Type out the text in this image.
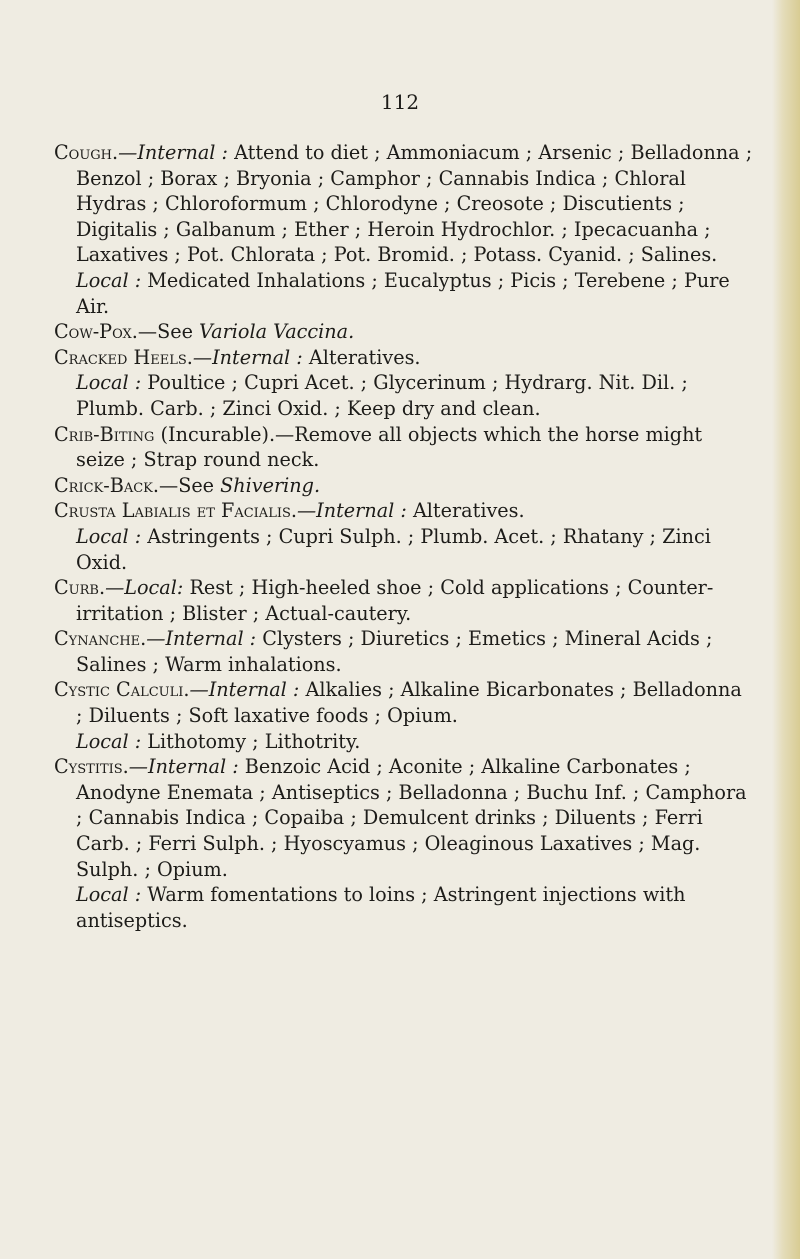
112

Cough.—Internal : Attend to diet ; Ammoniacum ; Arsenic ; Belladonna ; Benzol ; Borax ; Bryonia ; Camphor ; Cannabis Indica ; Chloral Hydras ; Chloroformum ; Chlorodyne ; Creosote ; Discutients ; Digitalis ; Galbanum ; Ether ; Heroin Hydrochlor. ; Ipecacuanha ; Laxatives ; Pot. Chlorata ; Pot. Bromid. ; Potass. Cyanid. ; Salines.

Local : Medicated Inhalations ; Eucalyptus ; Picis ; Terebene ; Pure Air.

Cow-Pox.—See Variola Vaccina.

Cracked Heels.—Internal : Alteratives.

Local : Poultice ; Cupri Acet. ; Glycerinum ; Hydrarg. Nit. Dil. ; Plumb. Carb. ; Zinci Oxid. ; Keep dry and clean.

Crib-Biting (Incurable).—Remove all objects which the horse might seize ; Strap round neck.

Crick-Back.—See Shivering.

Crusta Labialis et Facialis.—Internal : Alteratives.

Local : Astringents ; Cupri Sulph. ; Plumb. Acet. ; Rhatany ; Zinci Oxid.

Curb.—Local: Rest ; High-heeled shoe ; Cold applications ; Counter-irritation ; Blister ; Actual-cautery.

Cynanche.—Internal : Clysters ; Diuretics ; Emetics ; Mineral Acids ; Salines ; Warm inhalations.

Cystic Calculi.—Internal : Alkalies ; Alkaline Bicarbonates ; Belladonna ; Diluents ; Soft laxative foods ; Opium.

Local : Lithotomy ; Lithotrity.

Cystitis.—Internal : Benzoic Acid ; Aconite ; Alkaline Carbonates ; Anodyne Enemata ; Antiseptics ; Belladonna ; Buchu Inf. ; Camphora ; Cannabis Indica ; Copaiba ; Demulcent drinks ; Diluents ; Ferri Carb. ; Ferri Sulph. ; Hyoscyamus ; Oleaginous Laxatives ; Mag. Sulph. ; Opium.

Local : Warm fomentations to loins ; Astringent injections with antiseptics.
